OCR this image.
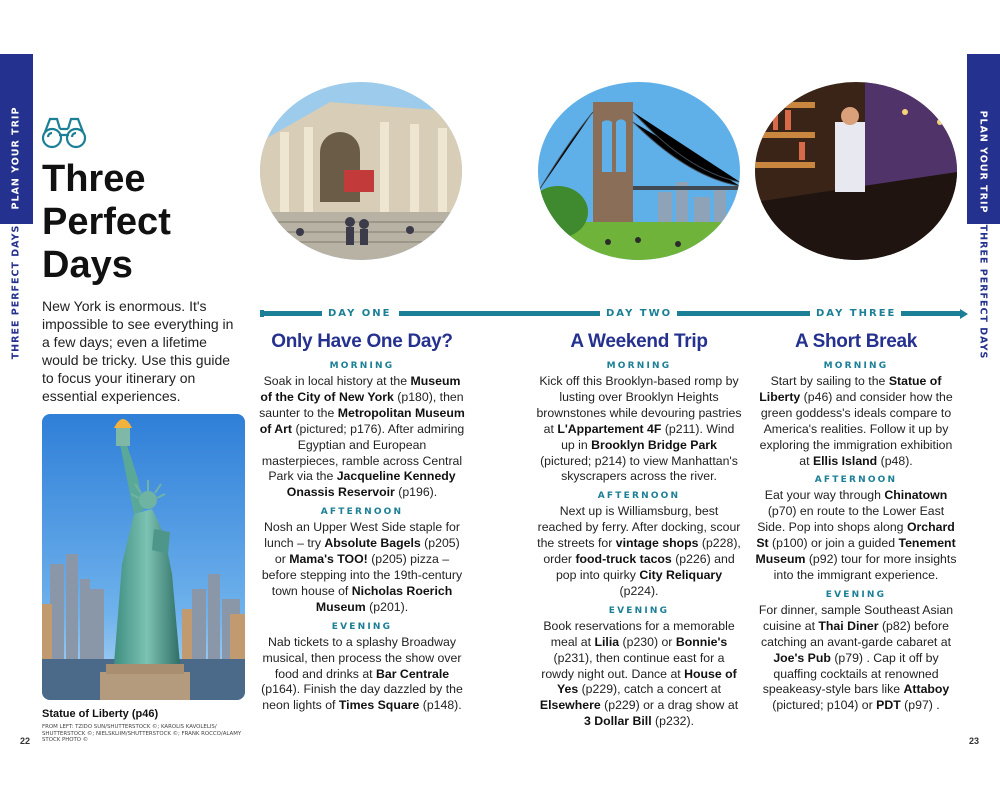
PLAN YOUR TRIP
THREE PERFECT DAYS
PLAN YOUR TRIP
THREE PERFECT DAYS
Three
Perfect
Days

New York is enormous. It's impossible to see everything in a few days; even a lifetime would be tricky. Use this guide to focus your itinerary on essential experiences.

Statue of Liberty (p46)
FROM LEFT: TZIDO SUN/SHUTTERSTOCK ©; KAROLIS KAVOLELIS/ SHUTTERSTOCK ©; NIELSKLIIM/SHUTTERSTOCK ©; FRANK ROCCO/ALAMY STOCK PHOTO ©
22	23
DAY ONE	DAY TWO	DAY THREE
Only Have One Day?
MORNING

Soak in local history at the Museum of the City of New York (p180), then saunter to the Metropolitan Museum of Art (pictured; p176). After admiring Egyptian and European masterpieces, ramble across Central Park via the Jacqueline Kennedy Onassis Reservoir (p196).

AFTERNOON

Nosh an Upper West Side staple for lunch – try Absolute Bagels (p205) or Mama's TOO! (p205) pizza – before stepping into the 19th-century town house of Nicholas Roerich Museum (p201).

EVENING

Nab tickets to a splashy Broadway musical, then process the show over food and drinks at Bar Centrale (p164). Finish the day dazzled by the neon lights of Times Square (p148).

A Weekend Trip
MORNING

Kick off this Brooklyn-based romp by lusting over Brooklyn Heights brownstones while devouring pastries at L'Appartement 4F (p211). Wind up in Brooklyn Bridge Park (pictured; p214) to view Manhattan's skyscrapers across the river.

AFTERNOON

Next up is Williamsburg, best reached by ferry. After docking, scour the streets for vintage shops (p228), order food-truck tacos (p226) and pop into quirky City Reliquary (p224).

EVENING

Book reservations for a memorable meal at Lilia (p230) or Bonnie's (p231), then continue east for a rowdy night out. Dance at House of Yes (p229), catch a concert at Elsewhere (p229) or a drag show at 3 Dollar Bill (p232).

A Short Break
MORNING

Start by sailing to the Statue of Liberty (p46) and consider how the green goddess's ideals compare to America's realities. Follow it up by exploring the immigration exhibition at Ellis Island (p48).

AFTERNOON

Eat your way through Chinatown (p70) en route to the Lower East Side. Pop into shops along Orchard St (p100) or join a guided Tenement Museum (p92) tour for more insights into the immigrant experience.

EVENING

For dinner, sample Southeast Asian cuisine at Thai Diner (p82) before catching an avant-garde cabaret at Joe's Pub (p79) . Cap it off by quaffing cocktails at renowned speakeasy-style bars like Attaboy (pictured; p104) or PDT (p97) .
